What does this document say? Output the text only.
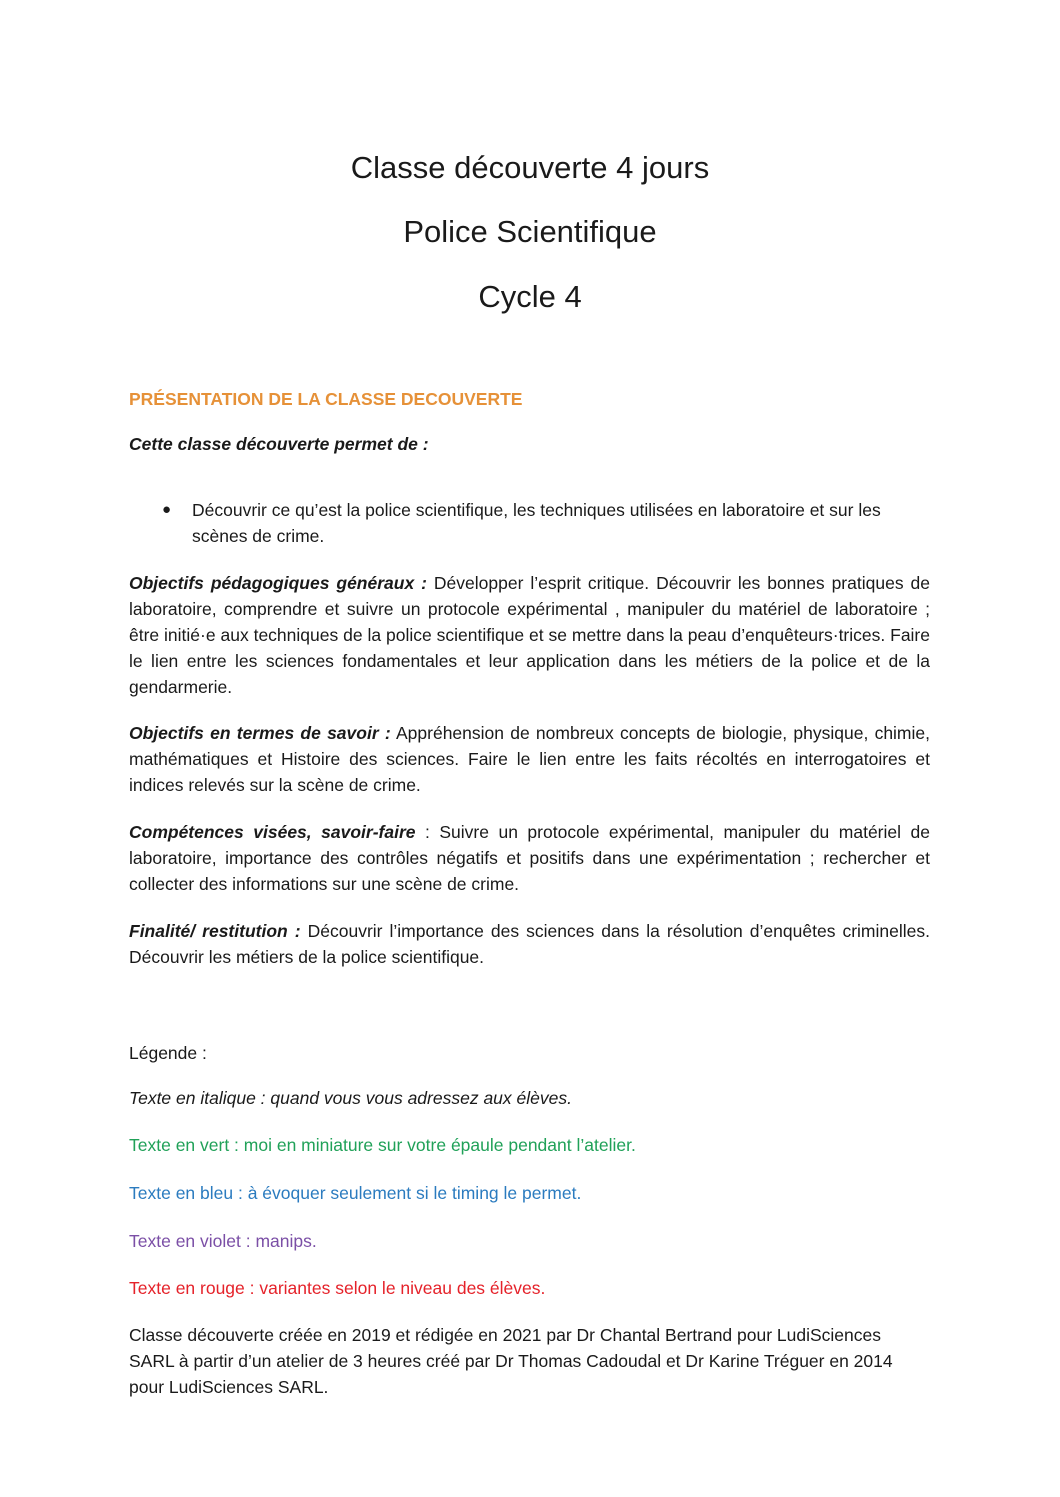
Classe découverte 4 jours
Police Scientifique
Cycle 4
PRÉSENTATION DE LA CLASSE DECOUVERTE
Cette classe découverte permet de :
● Découvrir ce qu’est la police scientifique, les techniques utilisées en laboratoire et sur les scènes de crime.
Objectifs pédagogiques généraux : Développer l’esprit critique. Découvrir les bonnes pratiques de laboratoire, comprendre et suivre un protocole expérimental , manipuler du matériel de laboratoire ; être initié·e aux techniques de la police scientifique et se mettre dans la peau d’enquêteurs·trices. Faire le lien entre les sciences fondamentales et leur application dans les métiers de la police et de la gendarmerie.
Objectifs en termes de savoir : Appréhension de nombreux concepts de biologie, physique, chimie, mathématiques et Histoire des sciences. Faire le lien entre les faits récoltés en interrogatoires et indices relevés sur la scène de crime.
Compétences visées, savoir-faire : Suivre un protocole expérimental, manipuler du matériel de laboratoire, importance des contrôles négatifs et positifs dans une expérimentation ; rechercher et collecter des informations sur une scène de crime.
Finalité/ restitution : Découvrir l’importance des sciences dans la résolution d’enquêtes criminelles. Découvrir les métiers de la police scientifique.
Légende :
Texte en italique : quand vous vous adressez aux élèves.
Texte en vert : moi en miniature sur votre épaule pendant l’atelier.
Texte en bleu : à évoquer seulement si le timing le permet.
Texte en violet : manips.
Texte en rouge : variantes selon le niveau des élèves.
Classe découverte créée en 2019 et rédigée en 2021 par Dr Chantal Bertrand pour LudiSciences SARL à partir d’un atelier de 3 heures créé par Dr Thomas Cadoudal et Dr Karine Tréguer en 2014 pour LudiSciences SARL.
